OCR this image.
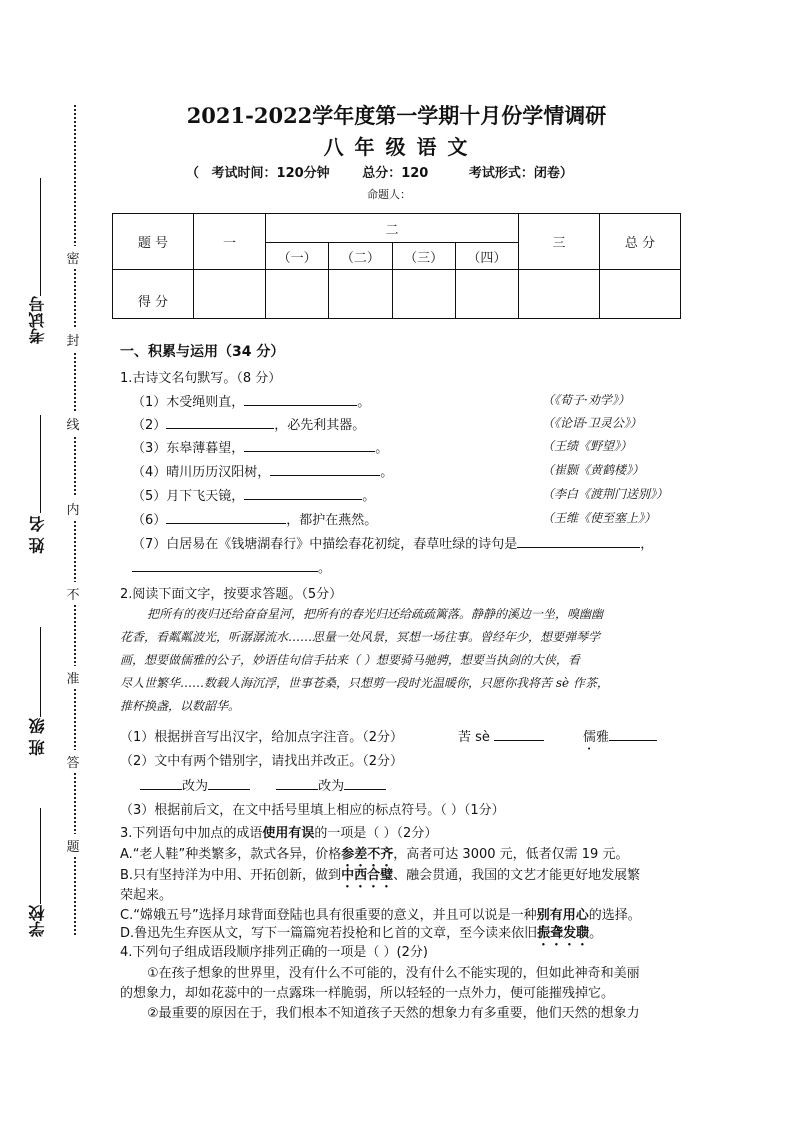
考试号
姓 名
班 级
学校
密
封
线
内
不
准
答
题
2021-2022学年度第一学期十月份学情调研
八 年 级 语 文
（ 考试时间：120分钟	总分：120	考试形式：闭卷）
命题人：
题 号	一	二				三	总 分
		（一）	（二）	（三）	（四）		
得 分							
一、积累与运用（34 分）
1.古诗文名句默写。（8 分）
（1）木受绳则直，	。	（《荀子·劝学》）
（2）	，必先利其器。	（《论语·卫灵公》）
（3）东皋薄暮望，	。	（王绩《野望》）
（4）晴川历历汉阳树，	。	（崔颢《黄鹤楼》）
（5）月下飞天镜，	。	（李白《渡荆门送别》）
（6）	，都护在燕然。	（王维《使至塞上》）
（7）白居易在《钱塘湖春行》中描绘春花初绽，春草吐绿的诗句是	，
。
2.阅读下面文字，按要求答题。（5分）
把所有的夜归还给奋奋星河，把所有的春光归还给疏疏篱落。静静的溪边一坐，嗅幽幽
花香，看粼粼波光，听潺潺流水……思量一处风景，冥想一场往事。曾经年少，想要弹琴学
画，想要做儒雅的公子，妙语佳句信手拈来（ ）想要骑马驰骋，想要当执剑的大侠，看
尽人世繁华……数载人海沉浮，世事苍桑，只想剪一段时光温暖你，只愿你我将苦 sè 作茶，
推杯换盏，以数韶华。
（1）根据拼音写出汉字，给加点字注音。（2分）	苦 sè	儒雅
（2）文中有两个错别字，请找出并改正。（2分）
改为	改为
（3）根据前后文，在文中括号里填上相应的标点符号。（ ）（1分）
3.下列语句中加点的成语使用有误的一项是（ ）（2分）
A.“老人鞋”种类繁多，款式各异，价格参差不齐，高者可达 3000 元，低者仅需 19 元。
B.只有坚持洋为中用、开拓创新，做到中西合璧、融会贯通，我国的文艺才能更好地发展繁
荣起来。
C.“嫦娥五号”选择月球背面登陆也具有很重要的意义，并且可以说是一种别有用心的选择。
D.鲁迅先生弃医从文，写下一篇篇宛若投枪和匕首的文章，至今读来依旧振聋发聩。
4.下列句子组成语段顺序排列正确的一项是（ ）(2分)
①在孩子想象的世界里，没有什么不可能的，没有什么不能实现的，但如此神奇和美丽
的想象力，却如花蕊中的一点露珠一样脆弱，所以轻轻的一点外力，便可能摧残掉它。
②最重要的原因在于，我们根本不知道孩子天然的想象力有多重要，他们天然的想象力
